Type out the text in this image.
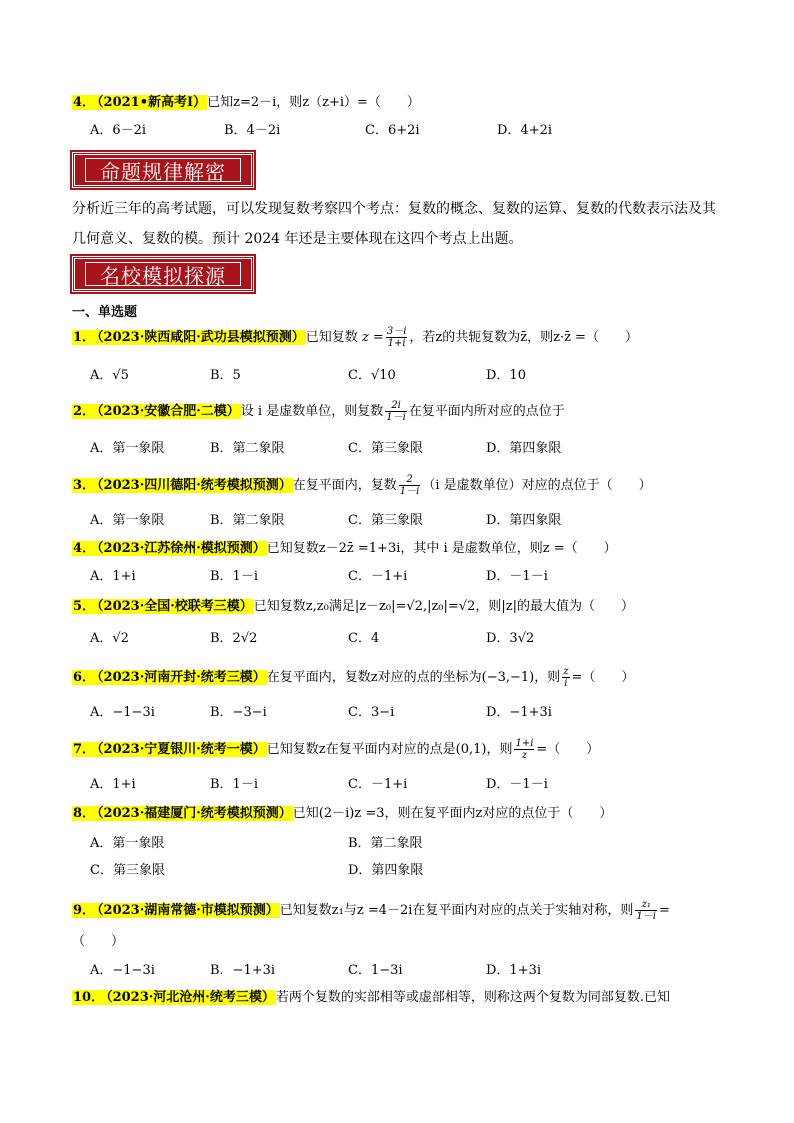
4． （2021•新高考Ⅰ）已知z=2－i，则z（z+i）=（　　）
A．6－2i	B．4－2i	C．6+2i	D．4+2i
命题规律解密
分析近三年的高考试题，可以发现复数考察四个考点：复数的概念、复数的运算、复数的代数表示法及其几何意义、复数的模。预计 2024 年还是主要体现在这四个考点上出题。
名校模拟探源
一、单选题
1． （2023·陕西咸阳·武功县模拟预测）已知复数 $z = \frac{3-i}{1+i}$ ，若z的共轭复数为z̄，则z·z̄ =（　　）
A．√5	B．5	C．√10	D．10
2． （2023·安徽合肥·二模）设 i 是虚数单位，则复数 $\frac{2i}{1-i}$ 在复平面内所对应的点位于
A．第一象限	B．第二象限	C．第三象限	D．第四象限
3． （2023·四川德阳·统考模拟预测）在复平面内，复数 $\frac{2}{1-i} (i$ 是虚数单位）对应的点位于（　　）
A．第一象限	B．第二象限	C．第三象限	D．第四象限
4． （2023·江苏徐州·模拟预测）已知复数z－2z̄ =1+3i，其中 i 是虚数单位，则z =（　　）
A．1+i	B．1－i	C．－1+i	D．－1－i
5． （2023·全国·校联考三模）已知复数z,z₀满足|z－z₀|=√2,|z₀|=√2，则|z|的最大值为（　　）
A．√2	B．2√2	C．4	D．3√2
6． （2023·河南开封·统考三模）在复平面内，复数z对应的点的坐标为(−3,−1)，则 $\frac{z}{i}$ =（　　）
A．−1−3i	B．−3−i	C．3−i	D．−1+3i
7． （2023·宁夏银川·统考一模）已知复数z在复平面内对应的点是(0,1)，则 $\frac{1+i}{z}$ =（　　）
A．1+i	B．1－i	C．－1+i	D．－1－i
8． （2023·福建厦门·统考模拟预测）已知(2－i)z =3，则在复平面内z对应的点位于（　　）
A．第一象限	B．第二象限
C．第三象限	D．第四象限
9． （2023·湖南常德·市模拟预测）已知复数z₁与z =4－2i在复平面内对应的点关于实轴对称，则 $\frac{\text{z₁}}{1-i}$ =
（　　）
A．−1−3i	B．−1+3i	C．1−3i	D．1+3i
10． （2023·河北沧州·统考三模）若两个复数的实部相等或虚部相等，则称这两个复数为同部复数.已知
